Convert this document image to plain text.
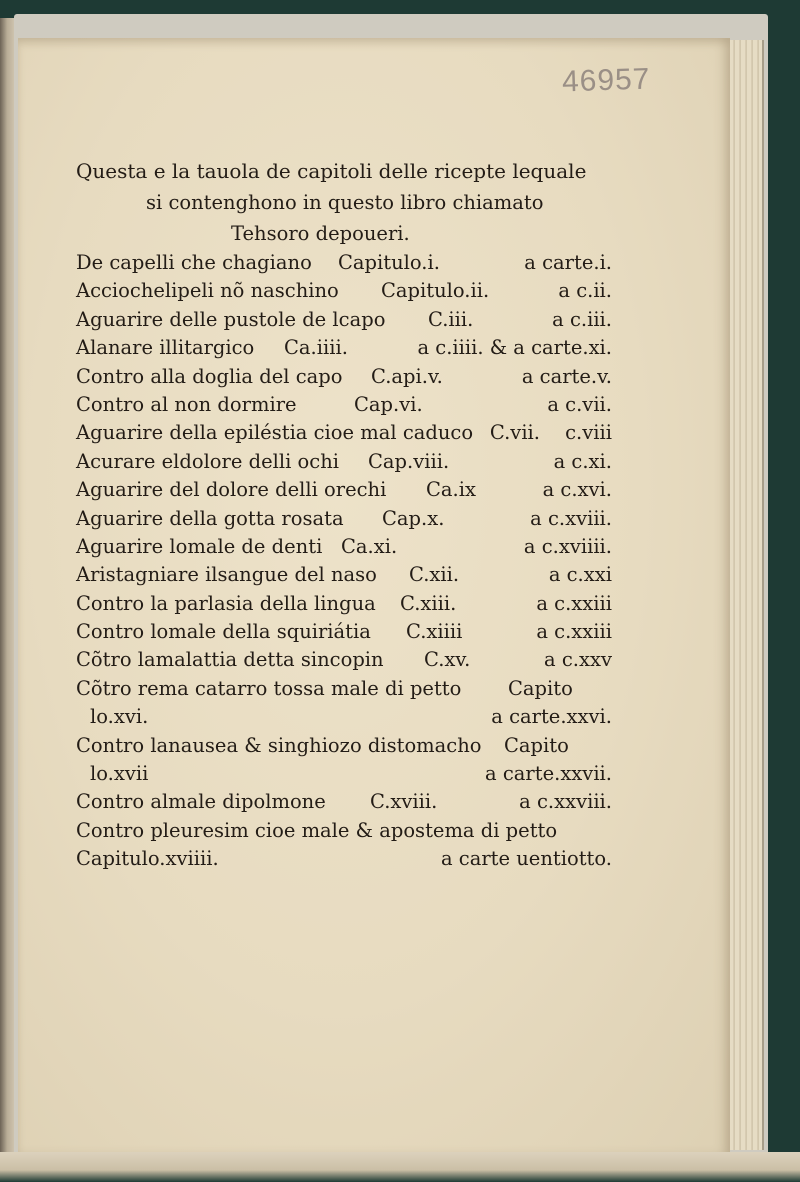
46957
Questa e la tauola de capitoli delle ricepte lequale
si contenghono in questo libro chiamato
Tehsoro depoueri.
De capelli che chagiano Capitulo.i.	a carte.i.
Acciochelipeli nõ naschino Capitulo.ii.	a c.ii.
Aguarire delle pustole de lcapo C.iii.	a c.iii.
Alanare illitargico Ca.iiii.	a c.iiii. & a carte.xi.
Contro alla doglia del capo C.api.v.	a carte.v.
Contro al non dormire	Cap.vi.	a c.vii.
Aguarire della epiléstia cioe mal caduco C.vii. c.viii
Acurare eldolore delli ochi Cap.viii.	a c.xi.
Aguarire del dolore delli orechi Ca.ix	a c.xvi.
Aguarire della gotta rosata Cap.x.	a c.xviii.
Aguarire lomale de denti Ca.xi.	a c.xviiii.
Aristagniare ilsangue del naso C.xii.	a c.xxi
Contro la parlasia della lingua C.xiii.	a c.xxiii
Contro lomale della squiriátia C.xiiii	a c.xxiii
Cõtro lamalattia detta sincopin C.xv.	a c.xxv
Cõtro rema catarro tossa male di petto Capito
lo.xvi.	a carte.xxvi.
Contro lanausea & singhiozo distomacho Capito
lo.xvii	a carte.xxvii.
Contro almale dipolmone C.xviii.	a c.xxviii.
Contro pleuresim cioe male & apostema di petto
Capitulo.xviiii.	a carte uentiotto.
